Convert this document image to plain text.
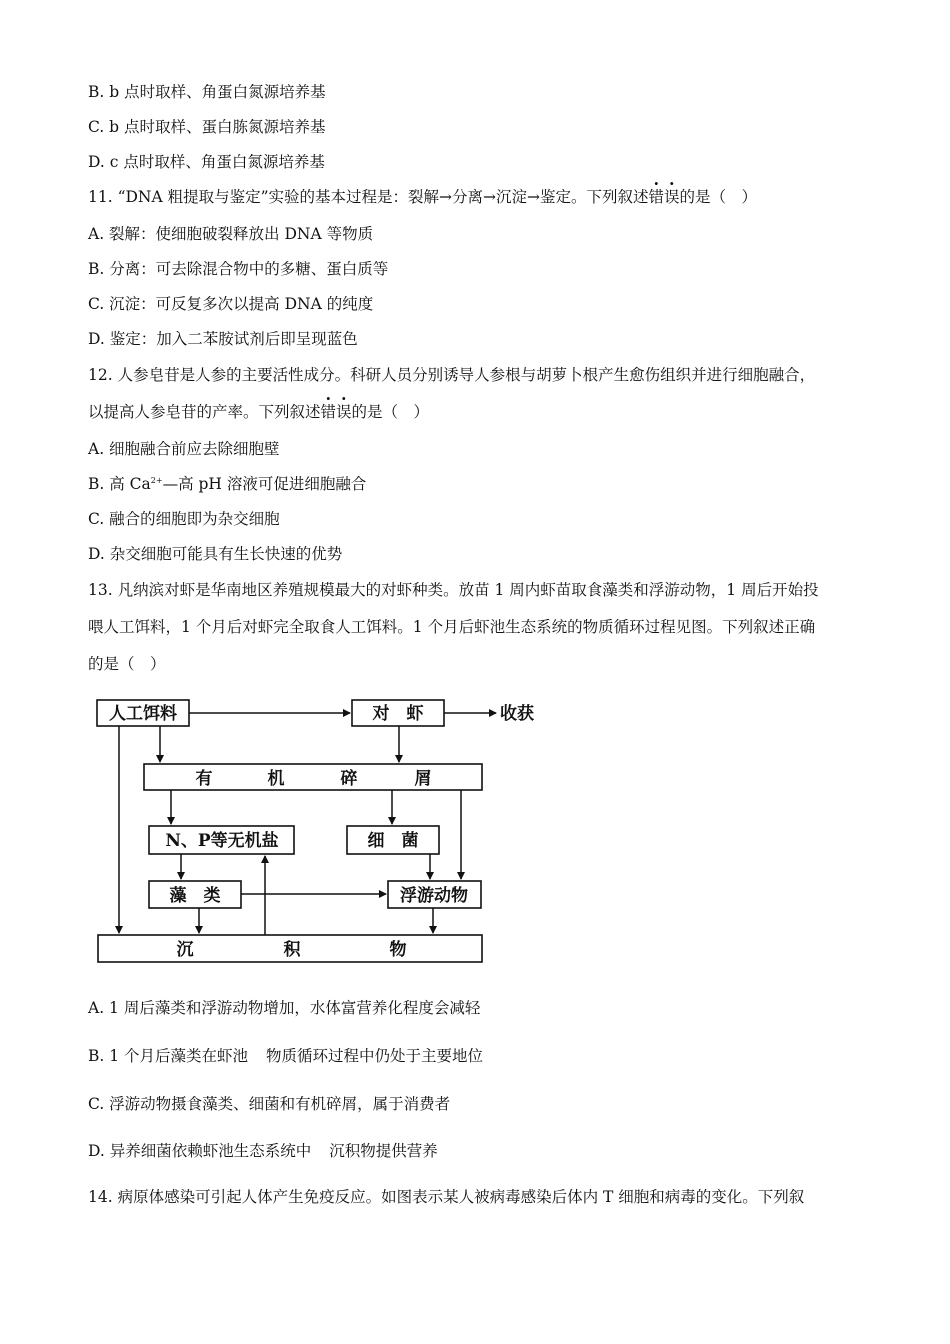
B. b 点时取样、角蛋白氮源培养基
C. b 点时取样、蛋白胨氮源培养基
D. c 点时取样、角蛋白氮源培养基
11. “DNA 粗提取与鉴定”实验的基本过程是：裂解→分离→沉淀→鉴定。下列叙述错误的是（　）
A. 裂解：使细胞破裂释放出 DNA 等物质
B. 分离：可去除混合物中的多糖、蛋白质等
C. 沉淀：可反复多次以提高 DNA 的纯度
D. 鉴定：加入二苯胺试剂后即呈现蓝色
12. 人参皂苷是人参的主要活性成分。科研人员分别诱导人参根与胡萝卜根产生愈伤组织并进行细胞融合，
以提高人参皂苷的产率。下列叙述错误的是（　）
A. 细胞融合前应去除细胞壁
B. 高 $Ca^{2+}—$高 pH 溶液可促进细胞融合
C. 融合的细胞即为杂交细胞
D. 杂交细胞可能具有生长快速的优势
13. 凡纳滨对虾是华南地区养殖规模最大的对虾种类。放苗 1 周内虾苗取食藻类和浮游动物，1 周后开始投
喂人工饵料，1 个月后对虾完全取食人工饵料。1 个月后虾池生态系统的物质循环过程见图。下列叙述正确
的是（　）
人工饵料	对　虾	收获
有	机	碎	屑
N、P等无机盐	细　菌
藻　类	浮游动物
沉	积	物
A. 1 周后藻类和浮游动物增加，水体富营养化程度会减轻
B. 1 个月后藻类在虾池 物质循环过程中仍处于主要地位
C. 浮游动物摄食藻类、细菌和有机碎屑，属于消费者
D. 异养细菌依赖虾池生态系统中 沉积物提供营养
14. 病原体感染可引起人体产生免疫反应。如图表示某人被病毒感染后体内 T 细胞和病毒的变化。下列叙
